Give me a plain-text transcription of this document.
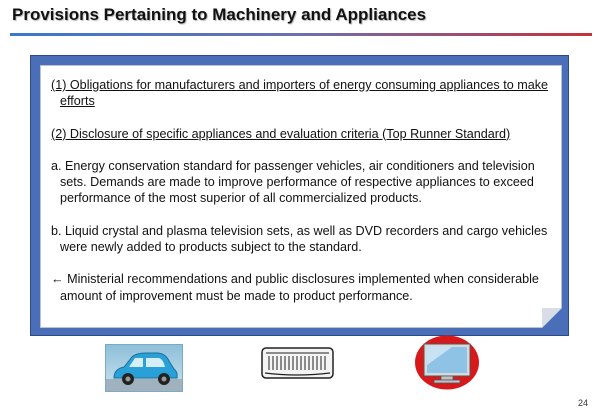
Provisions Pertaining to Machinery and Appliances

(1) Obligations for manufacturers and importers of energy consuming appliances to make efforts

(2) Disclosure of specific appliances and evaluation criteria (Top Runner Standard)

a. Energy conservation standard for passenger vehicles, air conditioners and television sets. Demands are made to improve performance of respective appliances to exceed performance of the most superior of all commercialized products.

b. Liquid crystal and plasma television sets, as well as DVD recorders and cargo vehicles were newly added to products subject to the standard.

← Ministerial recommendations and public disclosures implemented when considerable amount of improvement must be made to product performance.

24
